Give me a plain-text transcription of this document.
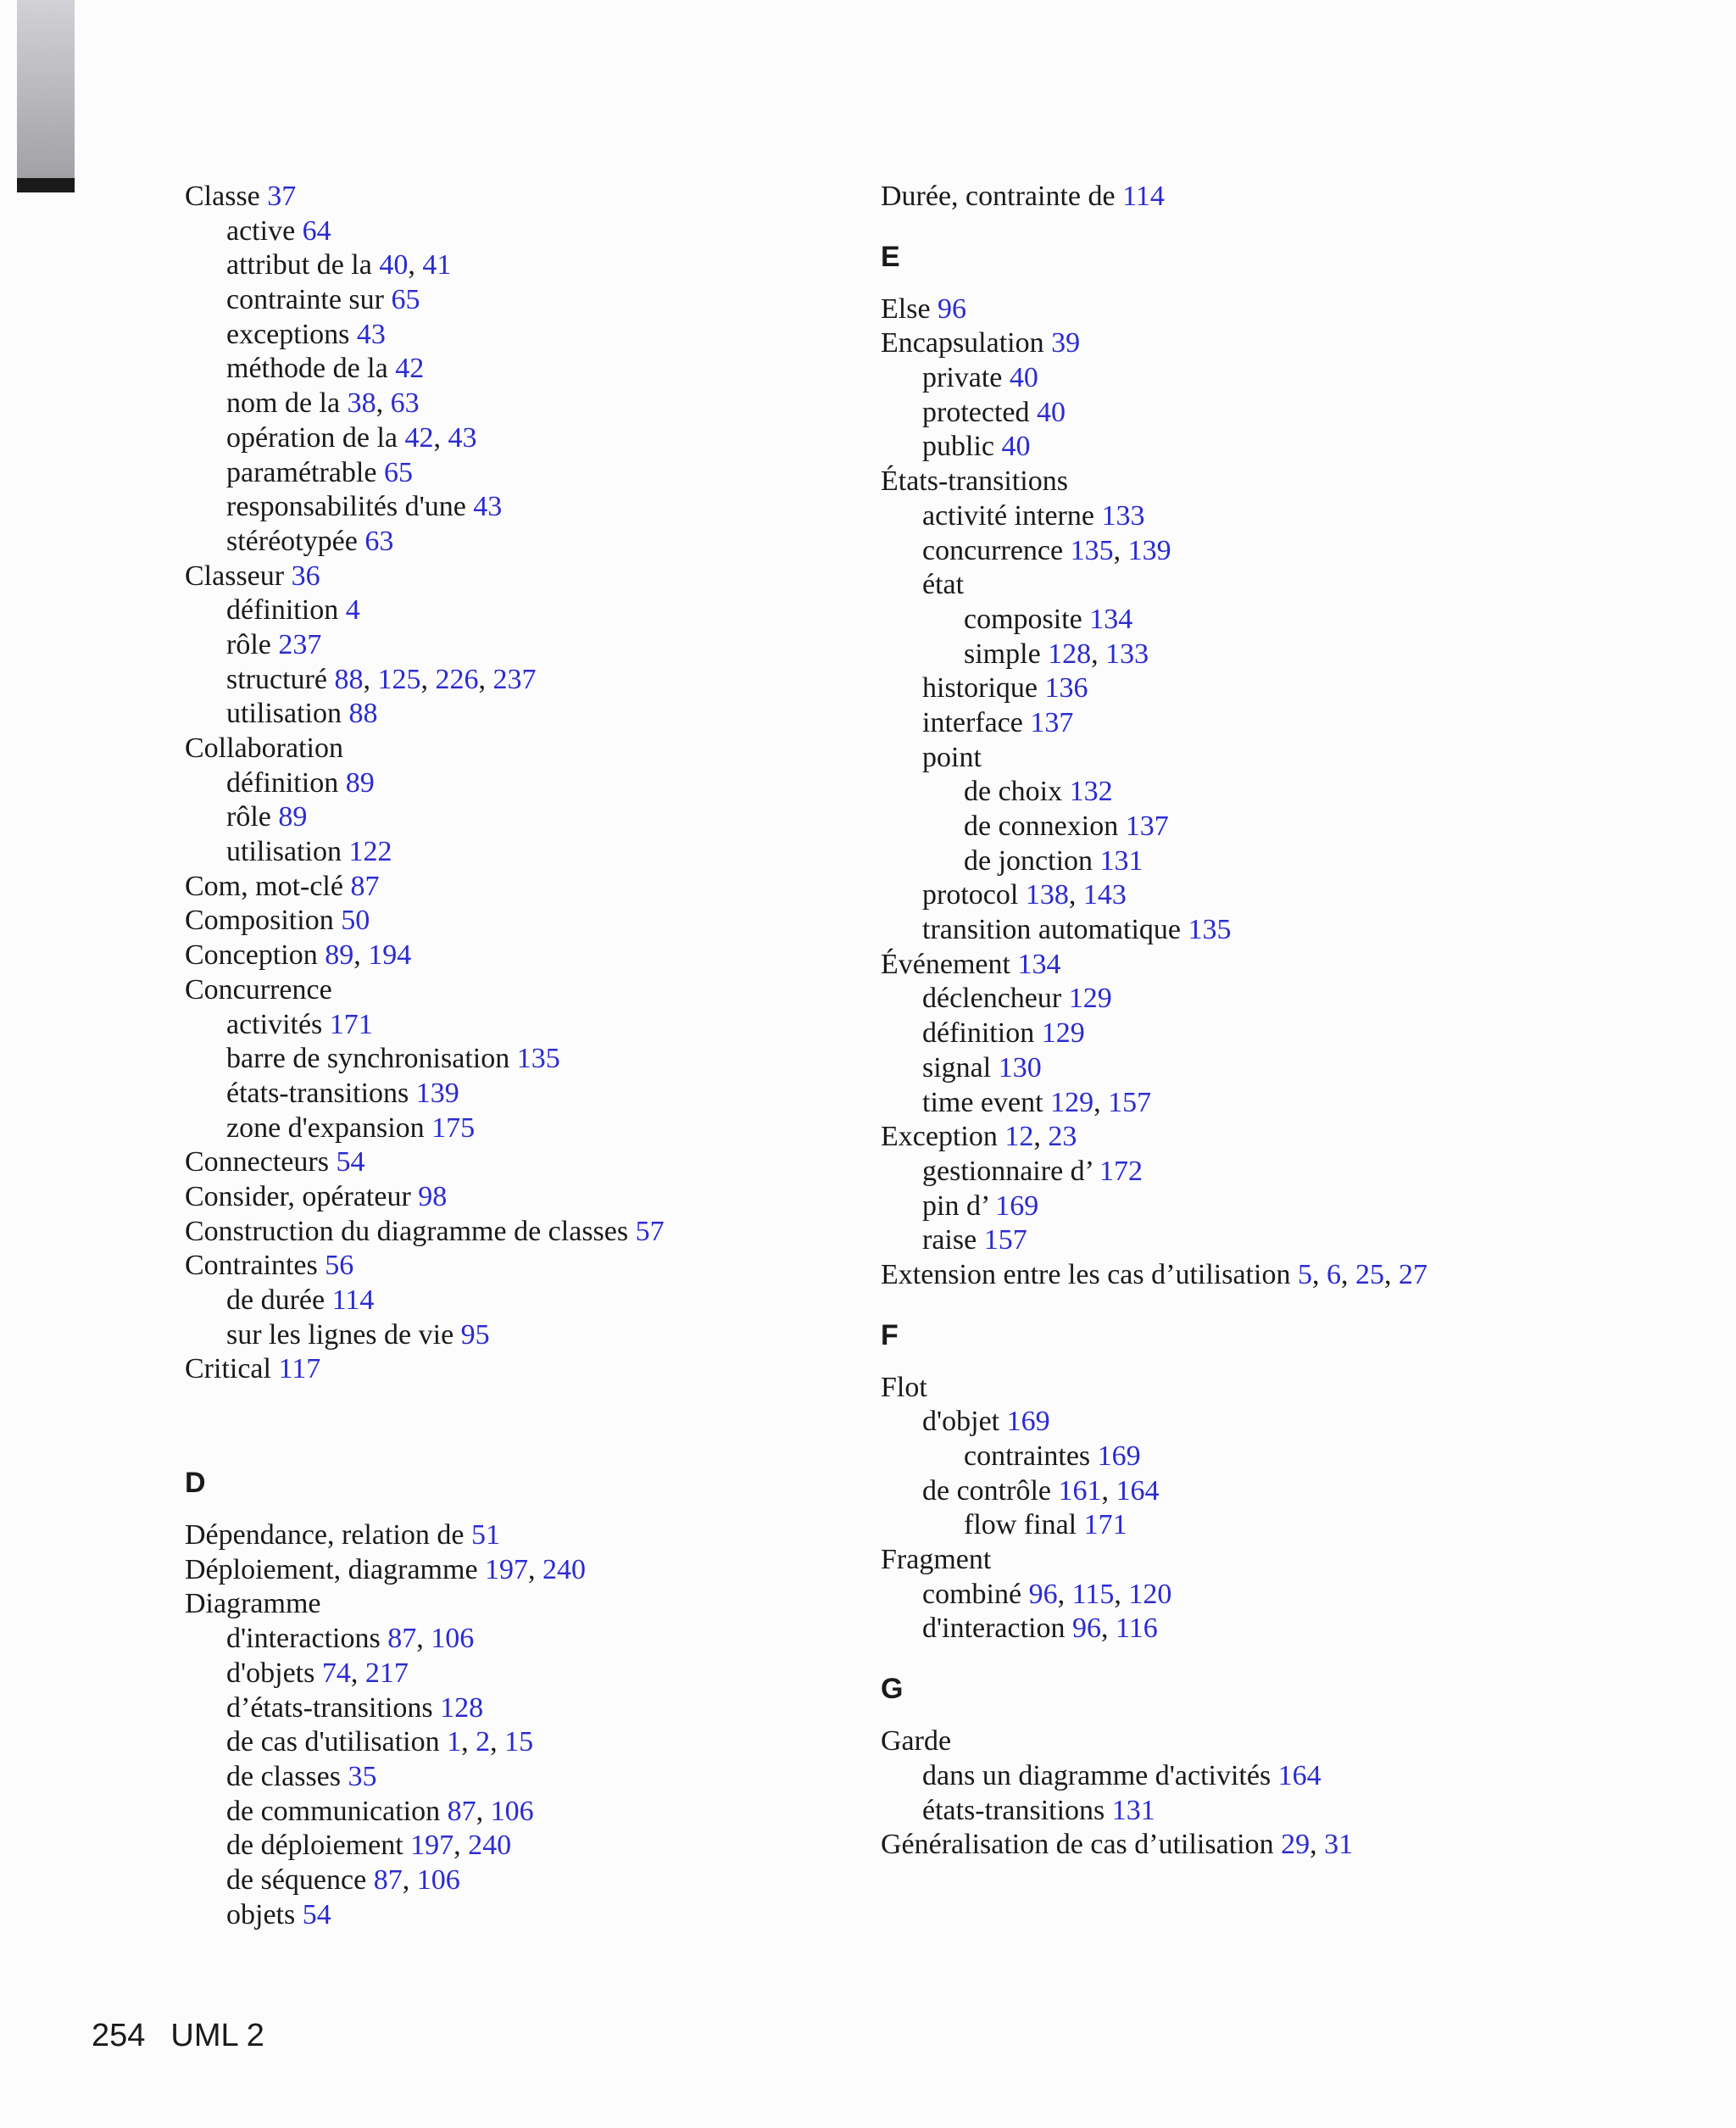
Classe 37
active 64
attribut de la 40, 41
contrainte sur 65
exceptions 43
méthode de la 42
nom de la 38, 63
opération de la 42, 43
paramétrable 65
responsabilités d'une 43
stéréotypée 63
Classeur 36
définition 4
rôle 237
structuré 88, 125, 226, 237
utilisation 88
Collaboration
définition 89
rôle 89
utilisation 122
Com, mot-clé 87
Composition 50
Conception 89, 194
Concurrence
activités 171
barre de synchronisation 135
états-transitions 139
zone d'expansion 175
Connecteurs 54
Consider, opérateur 98
Construction du diagramme de classes 57
Contraintes 56
de durée 114
sur les lignes de vie 95
Critical 117
D
Dépendance, relation de 51
Déploiement, diagramme 197, 240
Diagramme
d'interactions 87, 106
d'objets 74, 217
d’états-transitions 128
de cas d'utilisation 1, 2, 15
de classes 35
de communication 87, 106
de déploiement 197, 240
de séquence 87, 106
objets 54
Durée, contrainte de 114
E
Else 96
Encapsulation 39
private 40
protected 40
public 40
États-transitions
activité interne 133
concurrence 135, 139
état
composite 134
simple 128, 133
historique 136
interface 137
point
de choix 132
de connexion 137
de jonction 131
protocol 138, 143
transition automatique 135
Événement 134
déclencheur 129
définition 129
signal 130
time event 129, 157
Exception 12, 23
gestionnaire d’ 172
pin d’ 169
raise 157
Extension entre les cas d’utilisation 5, 6, 25, 27
F
Flot
d'objet 169
contraintes 169
de contrôle 161, 164
flow final 171
Fragment
combiné 96, 115, 120
d'interaction 96, 116
G
Garde
dans un diagramme d'activités 164
états-transitions 131
Généralisation de cas d’utilisation 29, 31
254 UML 2
